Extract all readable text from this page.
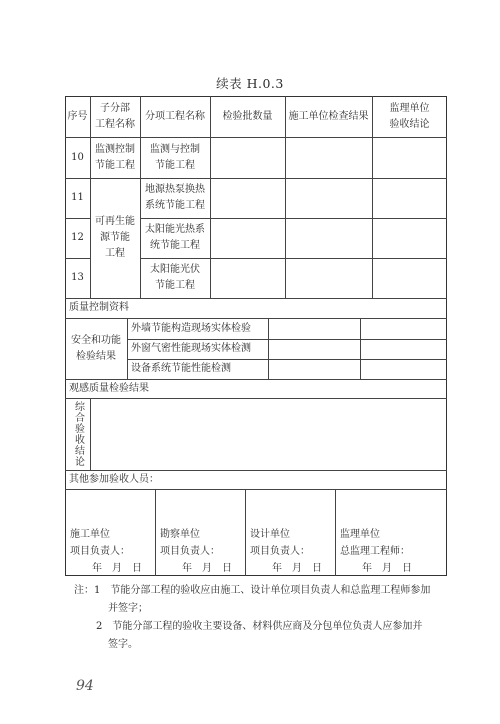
续表 H.0.3
序号
子分部
工程名称
分项工程名称	检验批数量	施工单位检查结果
监理单位
验收结论
10
监测控制
节能工程
监测与控制
节能工程
11
地源热泵换热
系统节能工程
12
太阳能光热系
统节能工程
13
太阳能光伏
节能工程
可再生能
源节能
工程
质量控制资料
安全和功能
检验结果
外墙节能构造现场实体检验
外窗气密性能现场实体检测
设备系统节能性能检测
观感质量检验结果
综合验收结论
其他参加验收人员：
施工单位
项目负责人：
年　月　日
勘察单位
项目负责人：
年　月　日
设计单位
项目负责人：
年　月　日
监理单位
总监理工程师：
年　月　日
注：1　节能分部工程的验收应由施工、设计单位项目负责人和总监理工程师参加
并签字；
2　节能分部工程的验收主要设备、材料供应商及分包单位负责人应参加并
签字。
94
